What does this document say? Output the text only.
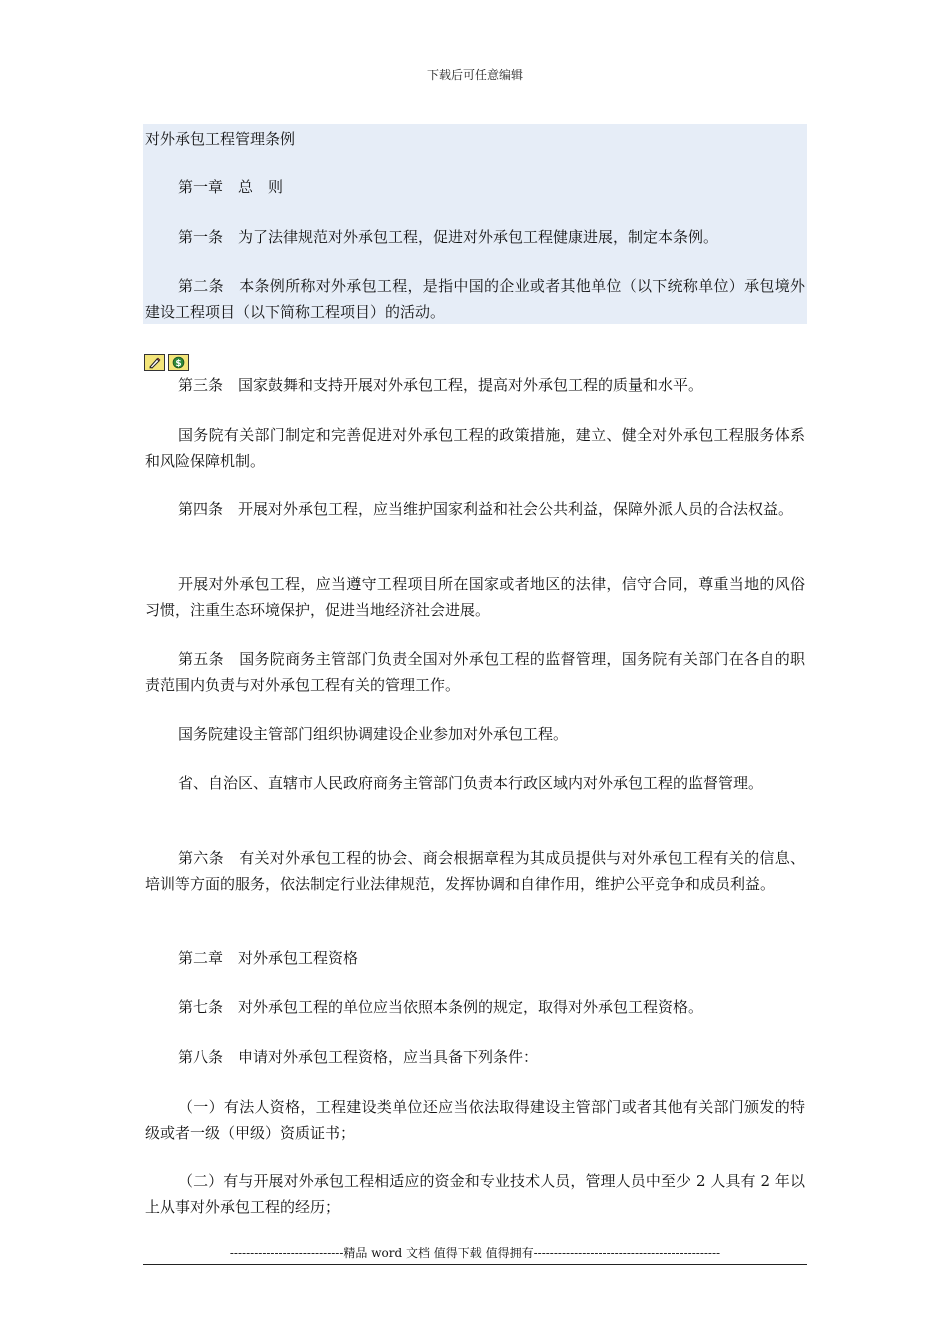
下载后可任意编辑
对外承包工程管理条例

第一章　总　则

第一条　为了法律规范对外承包工程，促进对外承包工程健康进展，制定本条例。

第二条　本条例所称对外承包工程，是指中国的企业或者其他单位（以下统称单位）承包境外建设工程项目（以下简称工程项目）的活动。

$

第三条　国家鼓舞和支持开展对外承包工程，提高对外承包工程的质量和水平。

国务院有关部门制定和完善促进对外承包工程的政策措施，建立、健全对外承包工程服务体系和风险保障机制。

第四条　开展对外承包工程，应当维护国家利益和社会公共利益，保障外派人员的合法权益。

开展对外承包工程，应当遵守工程项目所在国家或者地区的法律，信守合同，尊重当地的风俗习惯，注重生态环境保护，促进当地经济社会进展。

第五条　国务院商务主管部门负责全国对外承包工程的监督管理，国务院有关部门在各自的职责范围内负责与对外承包工程有关的管理工作。

国务院建设主管部门组织协调建设企业参加对外承包工程。

省、自治区、直辖市人民政府商务主管部门负责本行政区域内对外承包工程的监督管理。

第六条　有关对外承包工程的协会、商会根据章程为其成员提供与对外承包工程有关的信息、培训等方面的服务，依法制定行业法律规范，发挥协调和自律作用，维护公平竞争和成员利益。

第二章　对外承包工程资格

第七条　对外承包工程的单位应当依照本条例的规定，取得对外承包工程资格。

第八条　申请对外承包工程资格，应当具备下列条件：

（一）有法人资格，工程建设类单位还应当依法取得建设主管部门或者其他有关部门颁发的特级或者一级（甲级）资质证书；

（二）有与开展对外承包工程相适应的资金和专业技术人员，管理人员中至少 2 人具有 2 年以上从事对外承包工程的经历；

----------------------------精品 word 文档 值得下载 值得拥有----------------------------------------------
